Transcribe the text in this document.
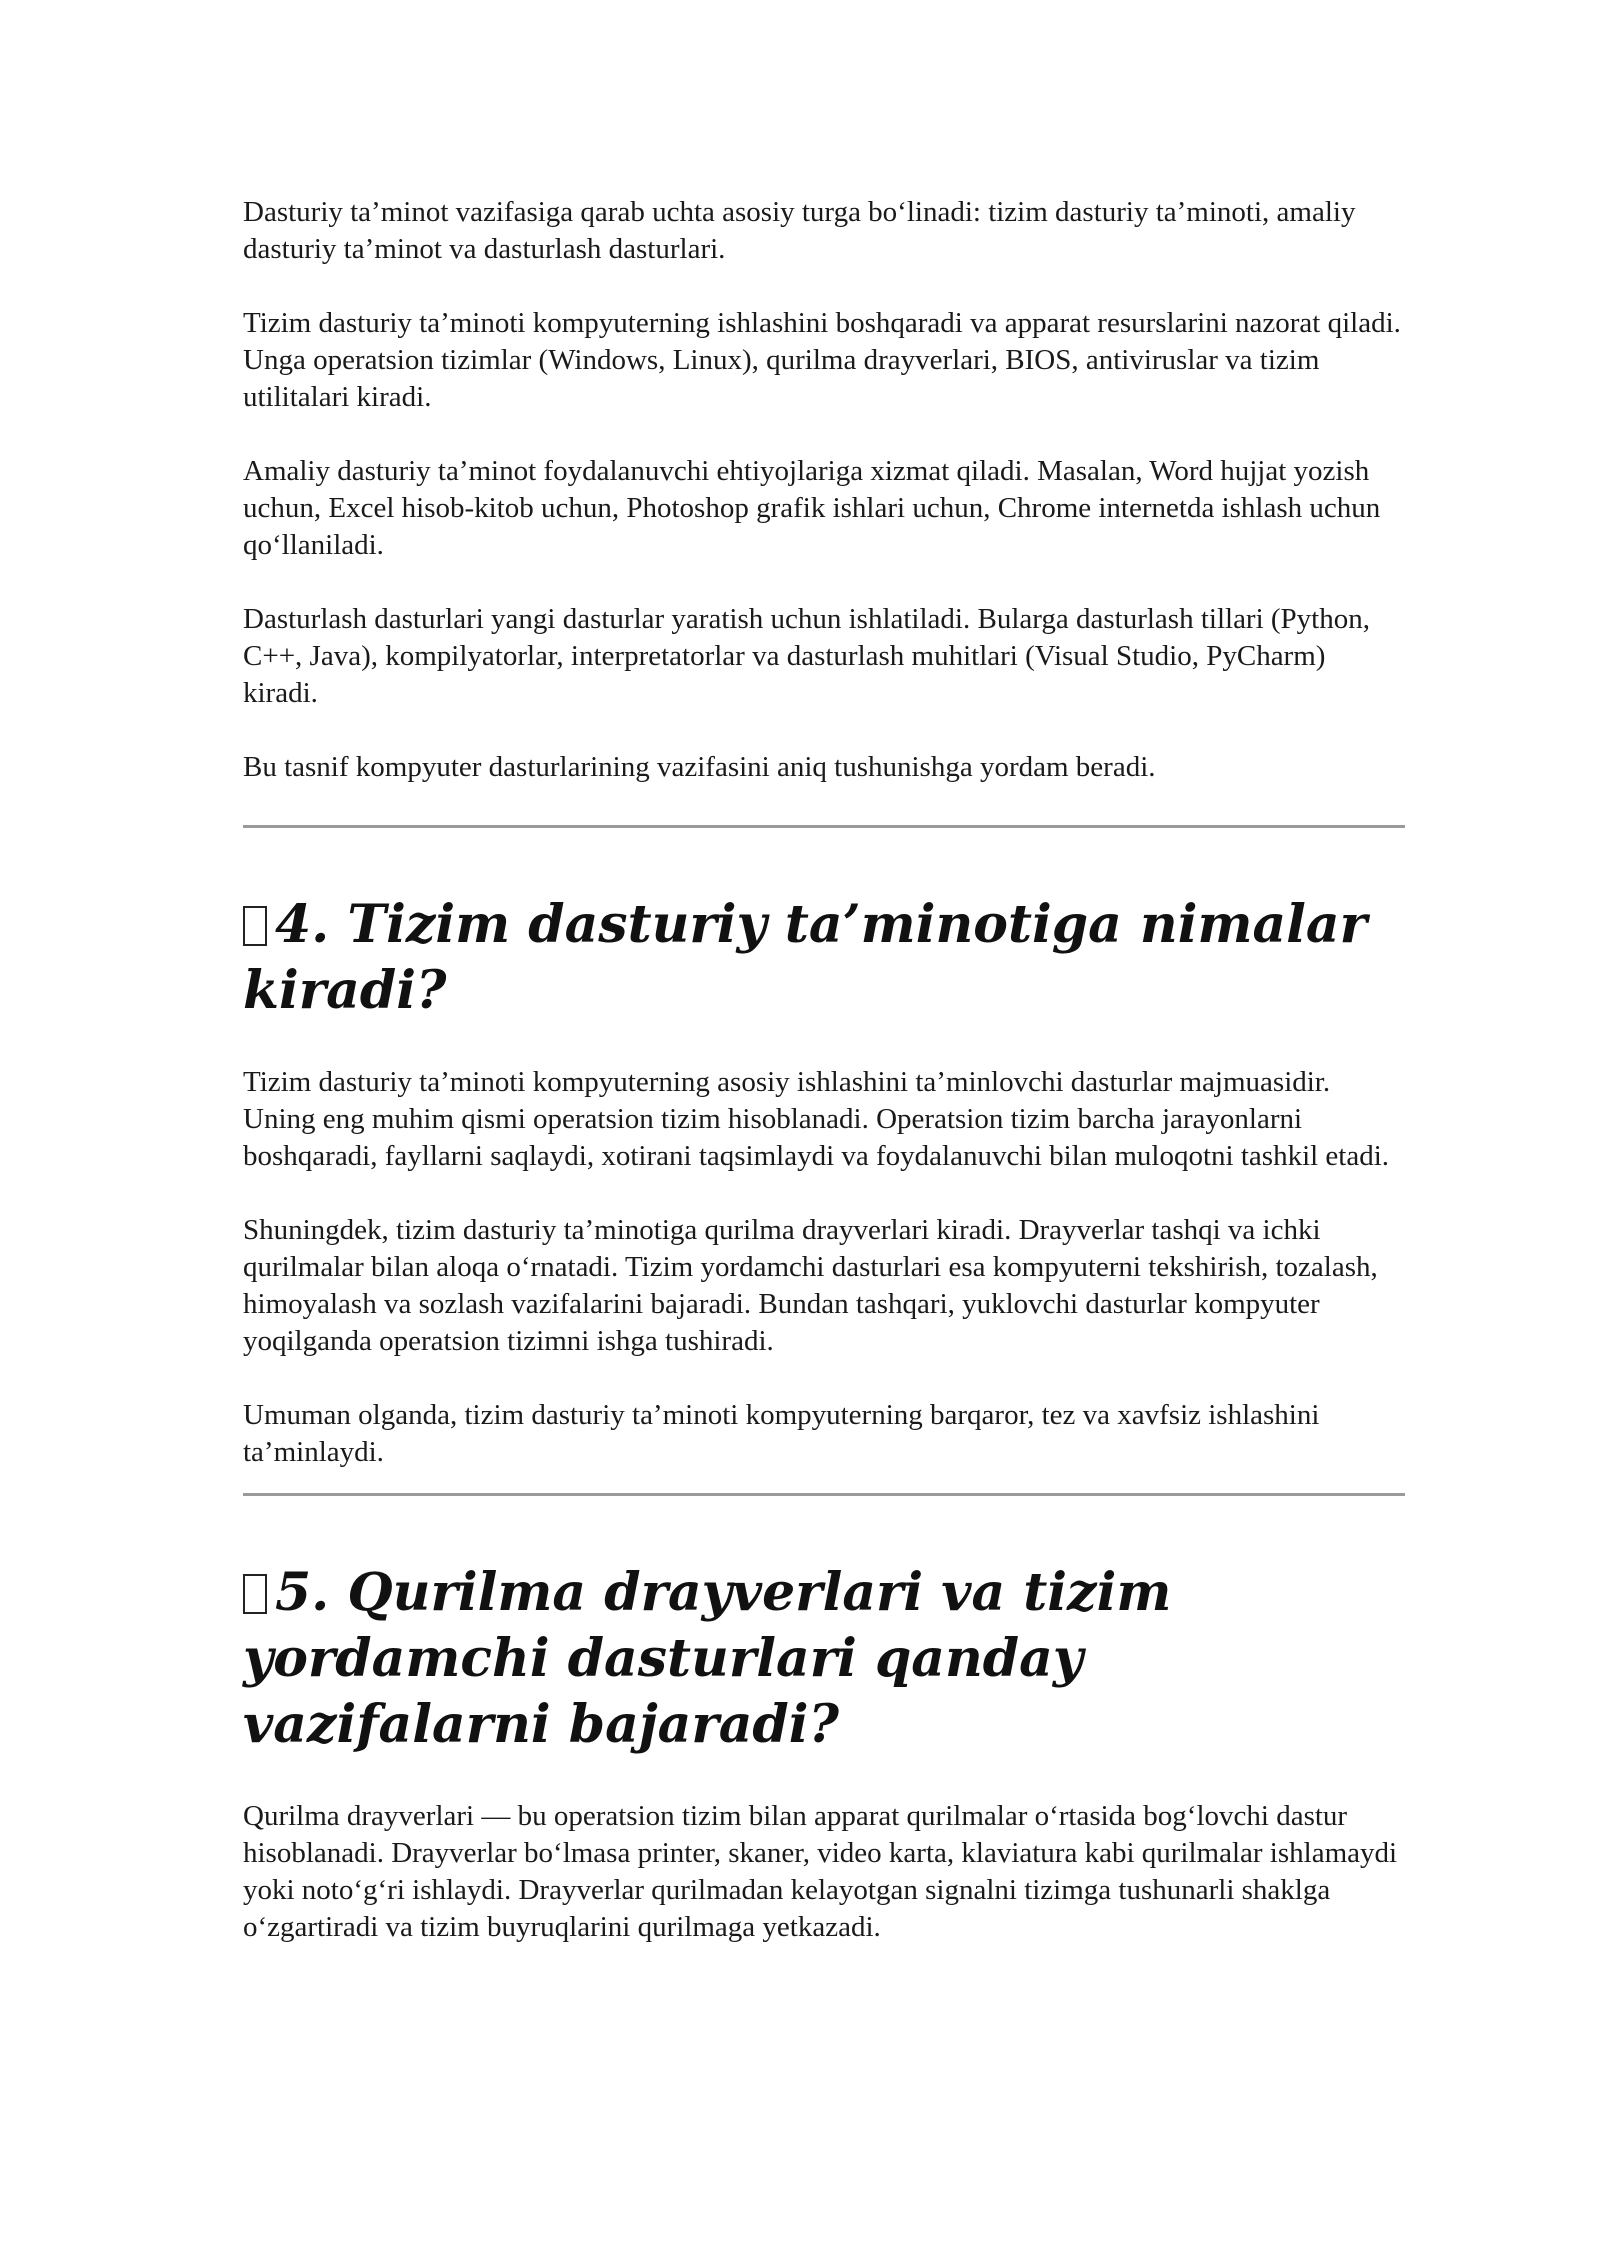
Dasturiy ta’minot vazifasiga qarab uchta asosiy turga bo‘linadi: tizim dasturiy ta’minoti, amaliy dasturiy ta’minot va dasturlash dasturlari.

Tizim dasturiy ta’minoti kompyuterning ishlashini boshqaradi va apparat resurslarini nazorat qiladi. Unga operatsion tizimlar (Windows, Linux), qurilma drayverlari, BIOS, antiviruslar va tizim utilitalari kiradi.

Amaliy dasturiy ta’minot foydalanuvchi ehtiyojlariga xizmat qiladi. Masalan, Word hujjat yozish uchun, Excel hisob-kitob uchun, Photoshop grafik ishlari uchun, Chrome internetda ishlash uchun qo‘llaniladi.

Dasturlash dasturlari yangi dasturlar yaratish uchun ishlatiladi. Bularga dasturlash tillari (Python, C++, Java), kompilyatorlar, interpretatorlar va dasturlash muhitlari (Visual Studio, PyCharm) kiradi.

Bu tasnif kompyuter dasturlarining vazifasini aniq tushunishga yordam beradi.

4. Tizim dasturiy ta’minotiga nimalar kiradi?

Tizim dasturiy ta’minoti kompyuterning asosiy ishlashini ta’minlovchi dasturlar majmuasidir. Uning eng muhim qismi operatsion tizim hisoblanadi. Operatsion tizim barcha jarayonlarni boshqaradi, fayllarni saqlaydi, xotirani taqsimlaydi va foydalanuvchi bilan muloqotni tashkil etadi.

Shuningdek, tizim dasturiy ta’minotiga qurilma drayverlari kiradi. Drayverlar tashqi va ichki qurilmalar bilan aloqa o‘rnatadi. Tizim yordamchi dasturlari esa kompyuterni tekshirish, tozalash, himoyalash va sozlash vazifalarini bajaradi. Bundan tashqari, yuklovchi dasturlar kompyuter yoqilganda operatsion tizimni ishga tushiradi.

Umuman olganda, tizim dasturiy ta’minoti kompyuterning barqaror, tez va xavfsiz ishlashini ta’minlaydi.

5. Qurilma drayverlari va tizim yordamchi dasturlari qanday vazifalarni bajaradi?

Qurilma drayverlari — bu operatsion tizim bilan apparat qurilmalar o‘rtasida bog‘lovchi dastur hisoblanadi. Drayverlar bo‘lmasa printer, skaner, video karta, klaviatura kabi qurilmalar ishlamaydi yoki noto‘g‘ri ishlaydi. Drayverlar qurilmadan kelayotgan signalni tizimga tushunarli shaklga o‘zgartiradi va tizim buyruqlarini qurilmaga yetkazadi.
